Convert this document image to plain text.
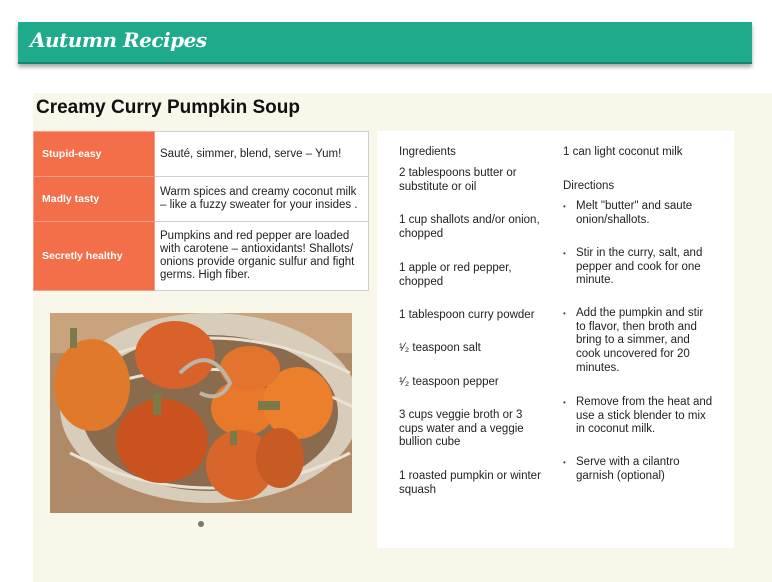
Autumn Recipes
Creamy Curry Pumpkin Soup
Stupid-easy	Sauté, simmer, blend, serve – Yum!
Madly tasty	Warm spices and creamy coconut milk – like a fuzzy sweater for your insides .
Secretly healthy	Pumpkins and red pepper are loaded with carotene – antioxidants! Shallots/ onions provide organic sulfur and fight germs. High fiber.

Ingredients

2 tablespoons butter or substitute or oil

1 cup shallots and/or onion, chopped

1 apple or red pepper, chopped

1 tablespoon curry powder

¹⁄₂ teaspoon salt

¹⁄₂ teaspoon pepper

3 cups veggie broth or 3 cups water and a veggie bullion cube

1 roasted pumpkin or winter squash

1 can light coconut milk

Directions

• Melt "butter" and saute onion/shallots.
• Stir in the curry, salt, and pepper and cook for one minute.
• Add the pumpkin and stir to flavor, then broth and bring to a simmer, and cook uncovered for 20 minutes.
• Remove from the heat and use a stick blender to mix in coconut milk.
• Serve with a cilantro garnish (optional)
